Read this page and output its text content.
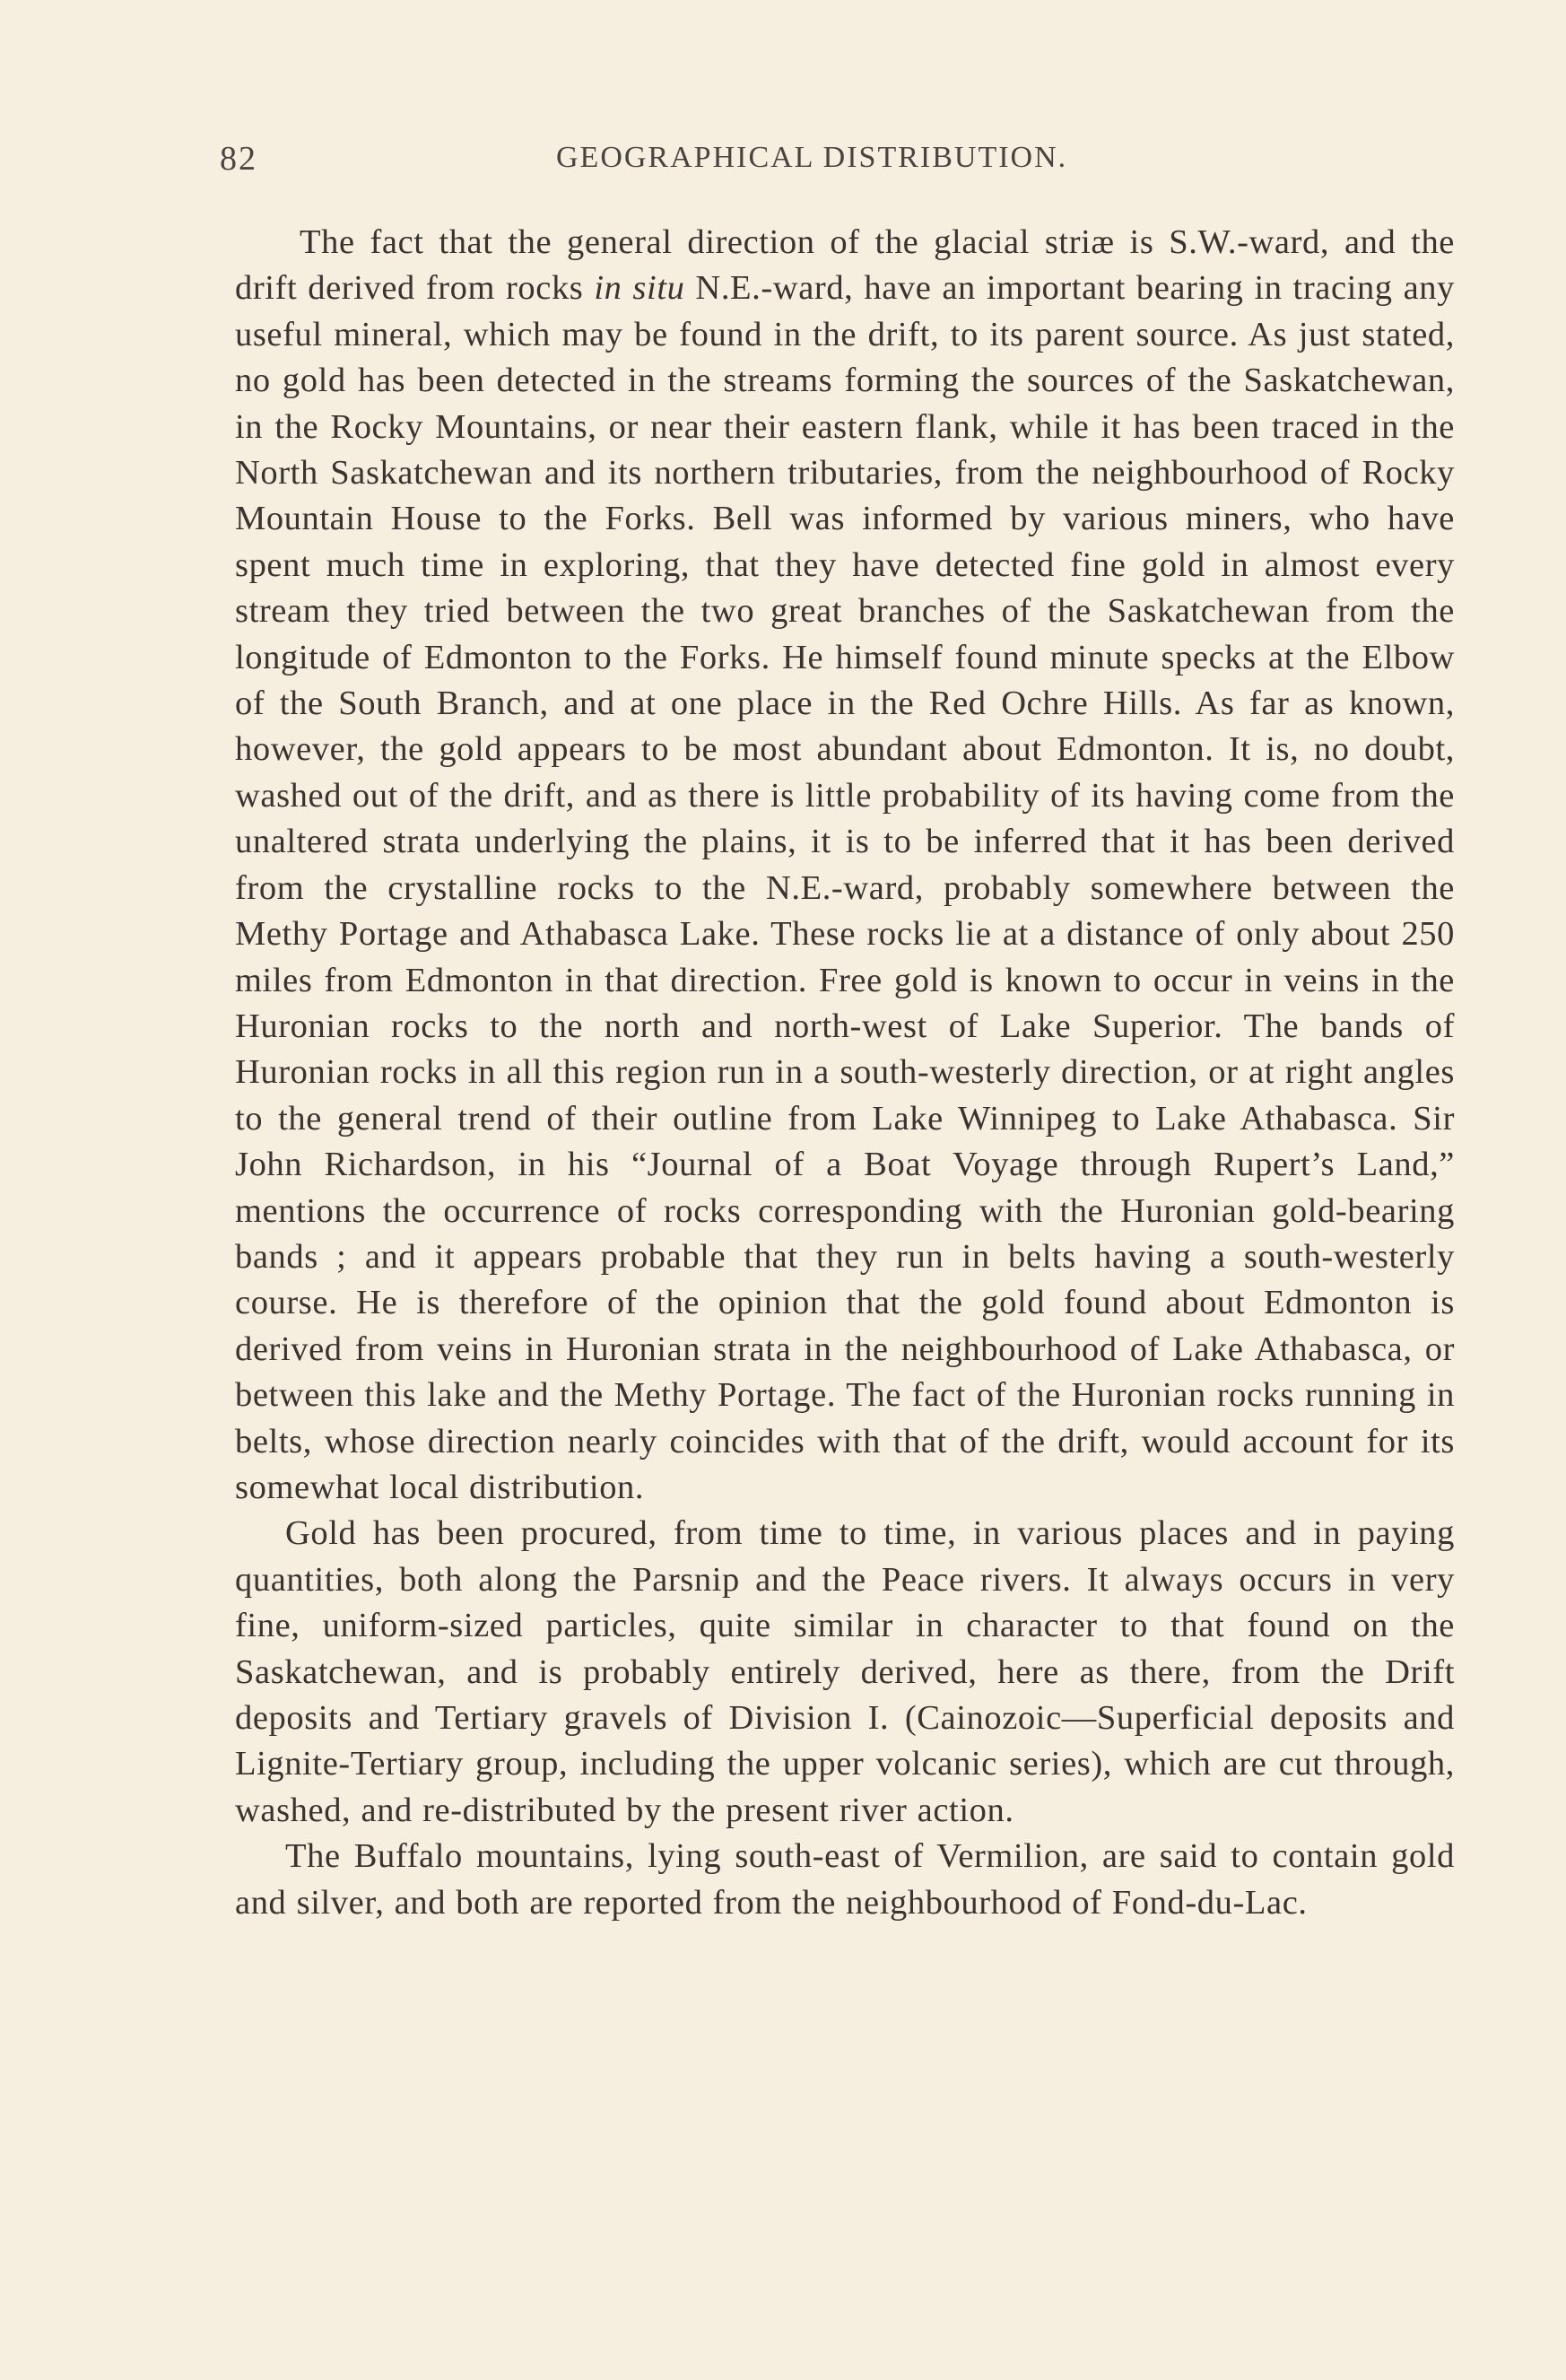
82	GEOGRAPHICAL DISTRIBUTION.

The fact that the general direction of the glacial striæ is S.W.-ward, and the drift derived from rocks in situ N.E.-ward, have an important bearing in tracing any useful mineral, which may be found in the drift, to its parent source. As just stated, no gold has been detected in the streams forming the sources of the Saskatchewan, in the Rocky Mountains, or near their eastern flank, while it has been traced in the North Saskatchewan and its northern tributaries, from the neighbourhood of Rocky Mountain House to the Forks. Bell was informed by various miners, who have spent much time in exploring, that they have detected fine gold in almost every stream they tried between the two great branches of the Saskatchewan from the longitude of Edmonton to the Forks. He himself found minute specks at the Elbow of the South Branch, and at one place in the Red Ochre Hills. As far as known, however, the gold appears to be most abundant about Edmonton. It is, no doubt, washed out of the drift, and as there is little probability of its having come from the unaltered strata underlying the plains, it is to be inferred that it has been derived from the crystalline rocks to the N.E.-ward, probably somewhere between the Methy Portage and Athabasca Lake. These rocks lie at a distance of only about 250 miles from Edmonton in that direction. Free gold is known to occur in veins in the Huronian rocks to the north and north-west of Lake Superior. The bands of Huronian rocks in all this region run in a south-westerly direction, or at right angles to the general trend of their outline from Lake Winnipeg to Lake Athabasca. Sir John Richardson, in his “Journal of a Boat Voyage through Rupert’s Land,” mentions the occurrence of rocks corresponding with the Huronian gold-bearing bands ; and it appears probable that they run in belts having a south-westerly course. He is therefore of the opinion that the gold found about Edmonton is derived from veins in Huronian strata in the neighbourhood of Lake Athabasca, or between this lake and the Methy Portage. The fact of the Huronian rocks running in belts, whose direction nearly coincides with that of the drift, would account for its somewhat local distribution.

Gold has been procured, from time to time, in various places and in paying quantities, both along the Parsnip and the Peace rivers. It always occurs in very fine, uniform-sized particles, quite similar in character to that found on the Saskatchewan, and is probably entirely derived, here as there, from the Drift deposits and Tertiary gravels of Division I. (Cainozoic—Superficial deposits and Lignite-Tertiary group, including the upper volcanic series), which are cut through, washed, and re-distributed by the present river action.

The Buffalo mountains, lying south-east of Vermilion, are said to contain gold and silver, and both are reported from the neighbourhood of Fond-du-Lac.
